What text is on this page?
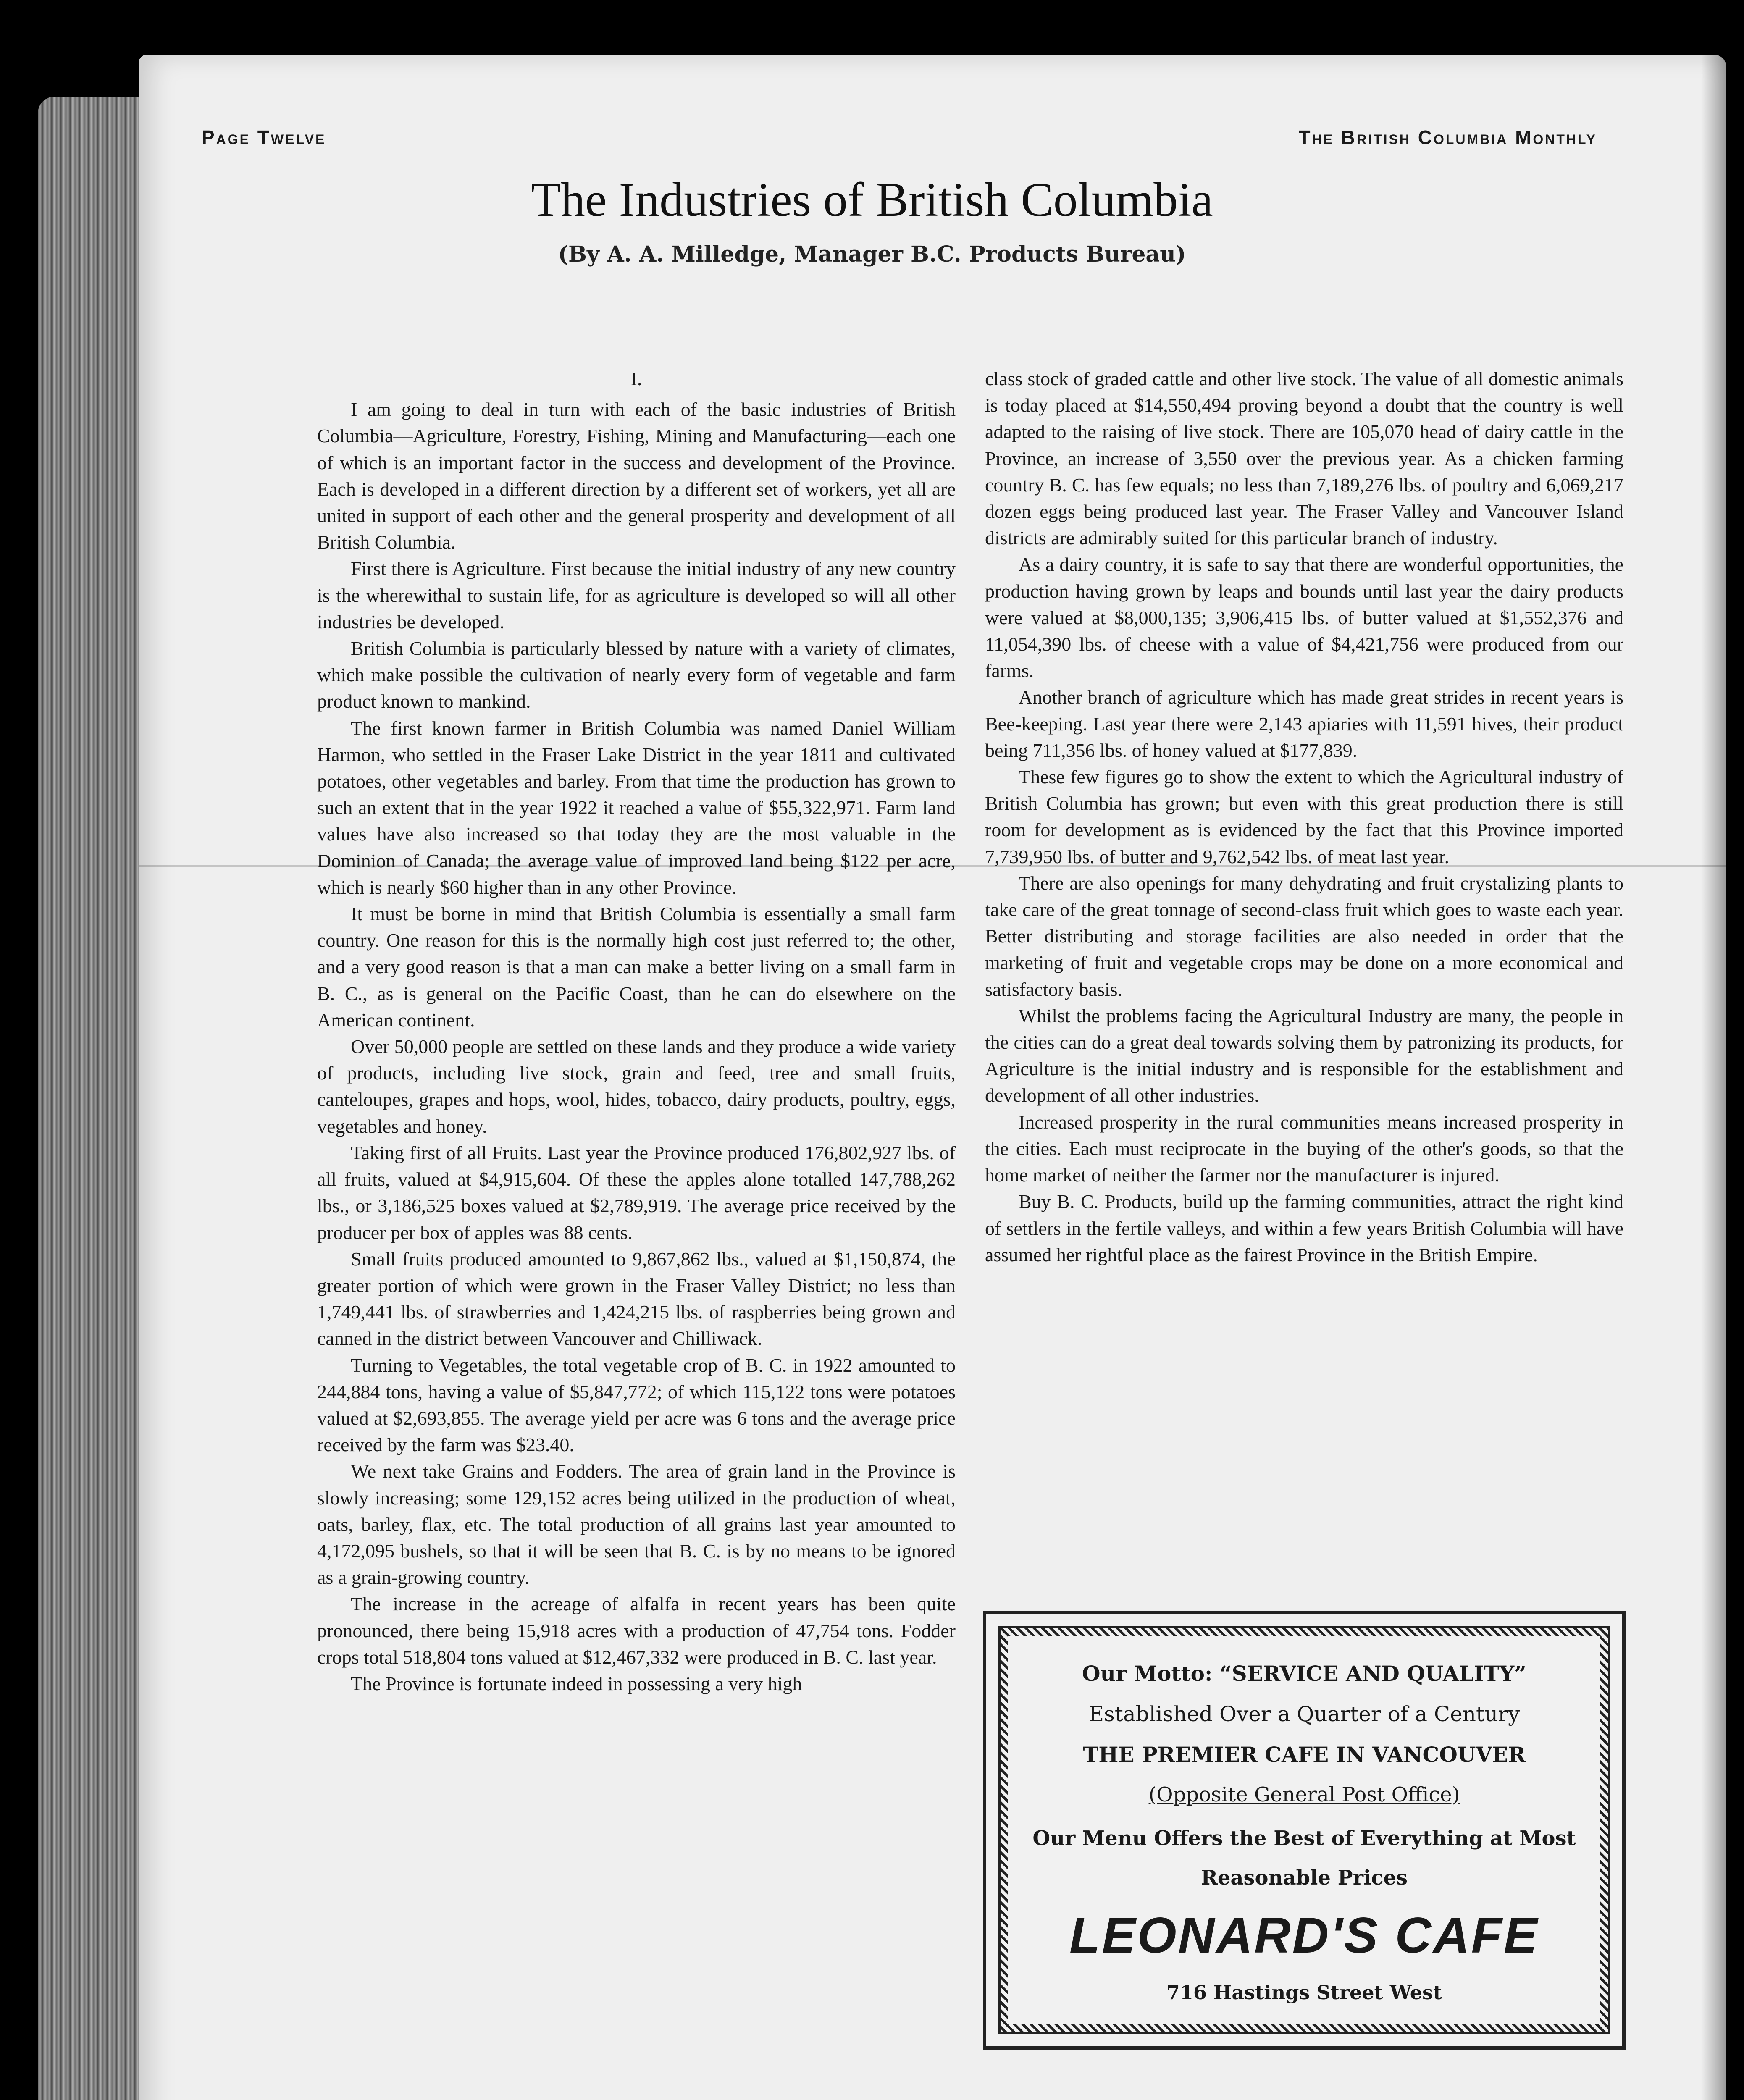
Page Twelve	The British Columbia Monthly
The Industries of British Columbia
(By A. A. Milledge, Manager B.C. Products Bureau)
I.

I am going to deal in turn with each of the basic industries of British Columbia—Agriculture, Forestry, Fishing, Mining and Manufacturing—each one of which is an important factor in the success and development of the Province. Each is developed in a different direction by a different set of workers, yet all are united in support of each other and the general prosperity and development of all British Columbia.

First there is Agriculture. First because the initial industry of any new country is the wherewithal to sustain life, for as agriculture is developed so will all other industries be developed.

British Columbia is particularly blessed by nature with a variety of climates, which make possible the cultivation of nearly every form of vegetable and farm product known to mankind.

The first known farmer in British Columbia was named Daniel William Harmon, who settled in the Fraser Lake District in the year 1811 and cultivated potatoes, other vegetables and barley. From that time the production has grown to such an extent that in the year 1922 it reached a value of $55,322,971. Farm land values have also increased so that today they are the most valuable in the Dominion of Canada; the average value of improved land being $122 per acre, which is nearly $60 higher than in any other Province.

It must be borne in mind that British Columbia is essentially a small farm country. One reason for this is the normally high cost just referred to; the other, and a very good reason is that a man can make a better living on a small farm in B. C., as is general on the Pacific Coast, than he can do elsewhere on the American continent.

Over 50,000 people are settled on these lands and they produce a wide variety of products, including live stock, grain and feed, tree and small fruits, canteloupes, grapes and hops, wool, hides, tobacco, dairy products, poultry, eggs, vegetables and honey.

Taking first of all Fruits. Last year the Province produced 176,802,927 lbs. of all fruits, valued at $4,915,604. Of these the apples alone totalled 147,788,262 lbs., or 3,186,525 boxes valued at $2,789,919. The average price received by the producer per box of apples was 88 cents.

Small fruits produced amounted to 9,867,862 lbs., valued at $1,150,874, the greater portion of which were grown in the Fraser Valley District; no less than 1,749,441 lbs. of strawberries and 1,424,215 lbs. of raspberries being grown and canned in the district between Vancouver and Chilliwack.

Turning to Vegetables, the total vegetable crop of B. C. in 1922 amounted to 244,884 tons, having a value of $5,847,772; of which 115,122 tons were potatoes valued at $2,693,855. The average yield per acre was 6 tons and the average price received by the farm was $23.40.

We next take Grains and Fodders. The area of grain land in the Province is slowly increasing; some 129,152 acres being utilized in the production of wheat, oats, barley, flax, etc. The total production of all grains last year amounted to 4,172,095 bushels, so that it will be seen that B. C. is by no means to be ignored as a grain-growing country.

The increase in the acreage of alfalfa in recent years has been quite pronounced, there being 15,918 acres with a production of 47,754 tons. Fodder crops total 518,804 tons valued at $12,467,332 were produced in B. C. last year.

The Province is fortunate indeed in possessing a very high

class stock of graded cattle and other live stock. The value of all domestic animals is today placed at $14,550,494 proving beyond a doubt that the country is well adapted to the raising of live stock. There are 105,070 head of dairy cattle in the Province, an increase of 3,550 over the previous year. As a chicken farming country B. C. has few equals; no less than 7,189,276 lbs. of poultry and 6,069,217 dozen eggs being produced last year. The Fraser Valley and Vancouver Island districts are admirably suited for this particular branch of industry.

As a dairy country, it is safe to say that there are wonderful opportunities, the production having grown by leaps and bounds until last year the dairy products were valued at $8,000,135; 3,906,415 lbs. of butter valued at $1,552,376 and 11,054,390 lbs. of cheese with a value of $4,421,756 were produced from our farms.

Another branch of agriculture which has made great strides in recent years is Bee-keeping. Last year there were 2,143 apiaries with 11,591 hives, their product being 711,356 lbs. of honey valued at $177,839.

These few figures go to show the extent to which the Agricultural industry of British Columbia has grown; but even with this great production there is still room for development as is evidenced by the fact that this Province imported 7,739,950 lbs. of butter and 9,762,542 lbs. of meat last year.

There are also openings for many dehydrating and fruit crystalizing plants to take care of the great tonnage of second-class fruit which goes to waste each year. Better distributing and storage facilities are also needed in order that the marketing of fruit and vegetable crops may be done on a more economical and satisfactory basis.

Whilst the problems facing the Agricultural Industry are many, the people in the cities can do a great deal towards solving them by patronizing its products, for Agriculture is the initial industry and is responsible for the establishment and development of all other industries.

Increased prosperity in the rural communities means increased prosperity in the cities. Each must reciprocate in the buying of the other's goods, so that the home market of neither the farmer nor the manufacturer is injured.

Buy B. C. Products, build up the farming communities, attract the right kind of settlers in the fertile valleys, and within a few years British Columbia will have assumed her rightful place as the fairest Province in the British Empire.

Our Motto: “SERVICE AND QUALITY”

Established Over a Quarter of a Century

THE PREMIER CAFE IN VANCOUVER

(Opposite General Post Office)

Our Menu Offers the Best of Everything at Most

Reasonable Prices

LEONARD'S CAFE

716 Hastings Street West
